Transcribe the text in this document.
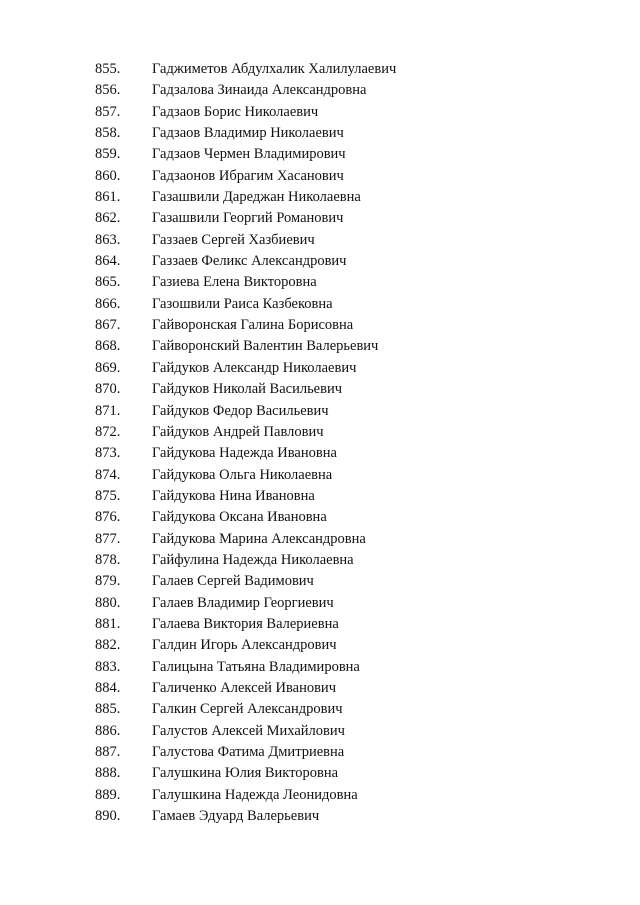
855. Гаджиметов Абдулхалик Халилулаевич
856. Гадзалова Зинаида Александровна
857. Гадзаов Борис Николаевич
858. Гадзаов Владимир Николаевич
859. Гадзаов Чермен Владимирович
860. Гадзаонов Ибрагим Хасанович
861. Газашвили Дареджан Николаевна
862. Газашвили Георгий Романович
863. Газзаев Сергей Хазбиевич
864. Газзаев Феликс Александрович
865. Газиева Елена Викторовна
866. Газошвили Раиса Казбековна
867. Гайворонская Галина Борисовна
868. Гайворонский Валентин Валерьевич
869. Гайдуков Александр Николаевич
870. Гайдуков Николай Васильевич
871. Гайдуков Федор Васильевич
872. Гайдуков Андрей Павлович
873. Гайдукова Надежда Ивановна
874. Гайдукова Ольга Николаевна
875. Гайдукова Нина Ивановна
876. Гайдукова Оксана Ивановна
877. Гайдукова Марина Александровна
878. Гайфулина Надежда Николаевна
879. Галаев Сергей Вадимович
880. Галаев Владимир Георгиевич
881. Галаева Виктория Валериевна
882. Галдин Игорь Александрович
883. Галицына Татьяна Владимировна
884. Галиченко Алексей Иванович
885. Галкин Сергей Александрович
886. Галустов Алексей Михайлович
887. Галустова Фатима Дмитриевна
888. Галушкина Юлия Викторовна
889. Галушкина Надежда Леонидовна
890. Гамаев Эдуард Валерьевич
